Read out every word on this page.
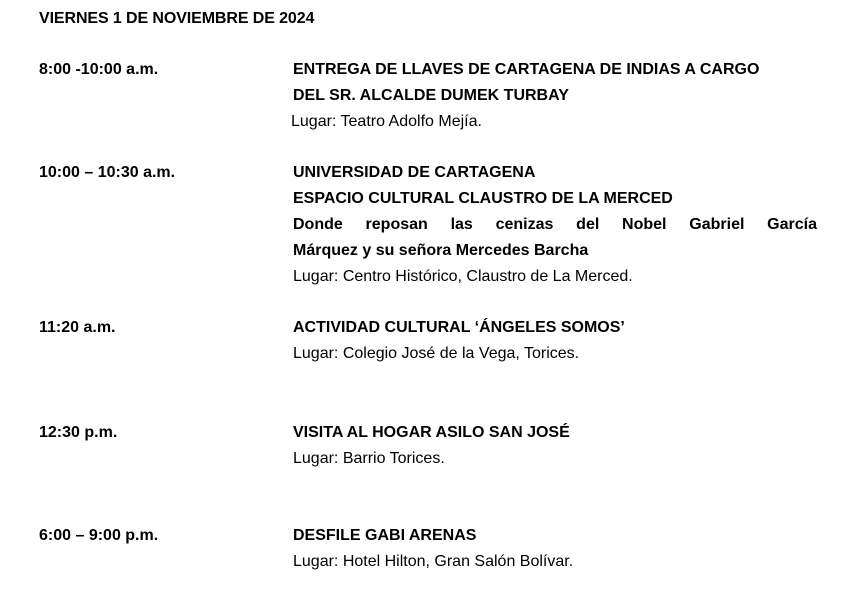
VIERNES 1 DE NOVIEMBRE DE 2024
8:00 -10:00 a.m.	ENTREGA DE LLAVES DE CARTAGENA DE INDIAS A CARGO
DEL SR. ALCALDE DUMEK TURBAY
Lugar: Teatro Adolfo Mejía.
10:00 – 10:30 a.m.	UNIVERSIDAD DE CARTAGENA
ESPACIO CULTURAL CLAUSTRO DE LA MERCED
Donde reposan las cenizas del Nobel Gabriel García
Márquez y su señora Mercedes Barcha
Lugar: Centro Histórico, Claustro de La Merced.
11:20 a.m.	ACTIVIDAD CULTURAL ‘ÁNGELES SOMOS’
Lugar: Colegio José de la Vega, Torices.
12:30 p.m.	VISITA AL HOGAR ASILO SAN JOSÉ
Lugar: Barrio Torices.
6:00 – 9:00 p.m.	DESFILE GABI ARENAS
Lugar: Hotel Hilton, Gran Salón Bolívar.
